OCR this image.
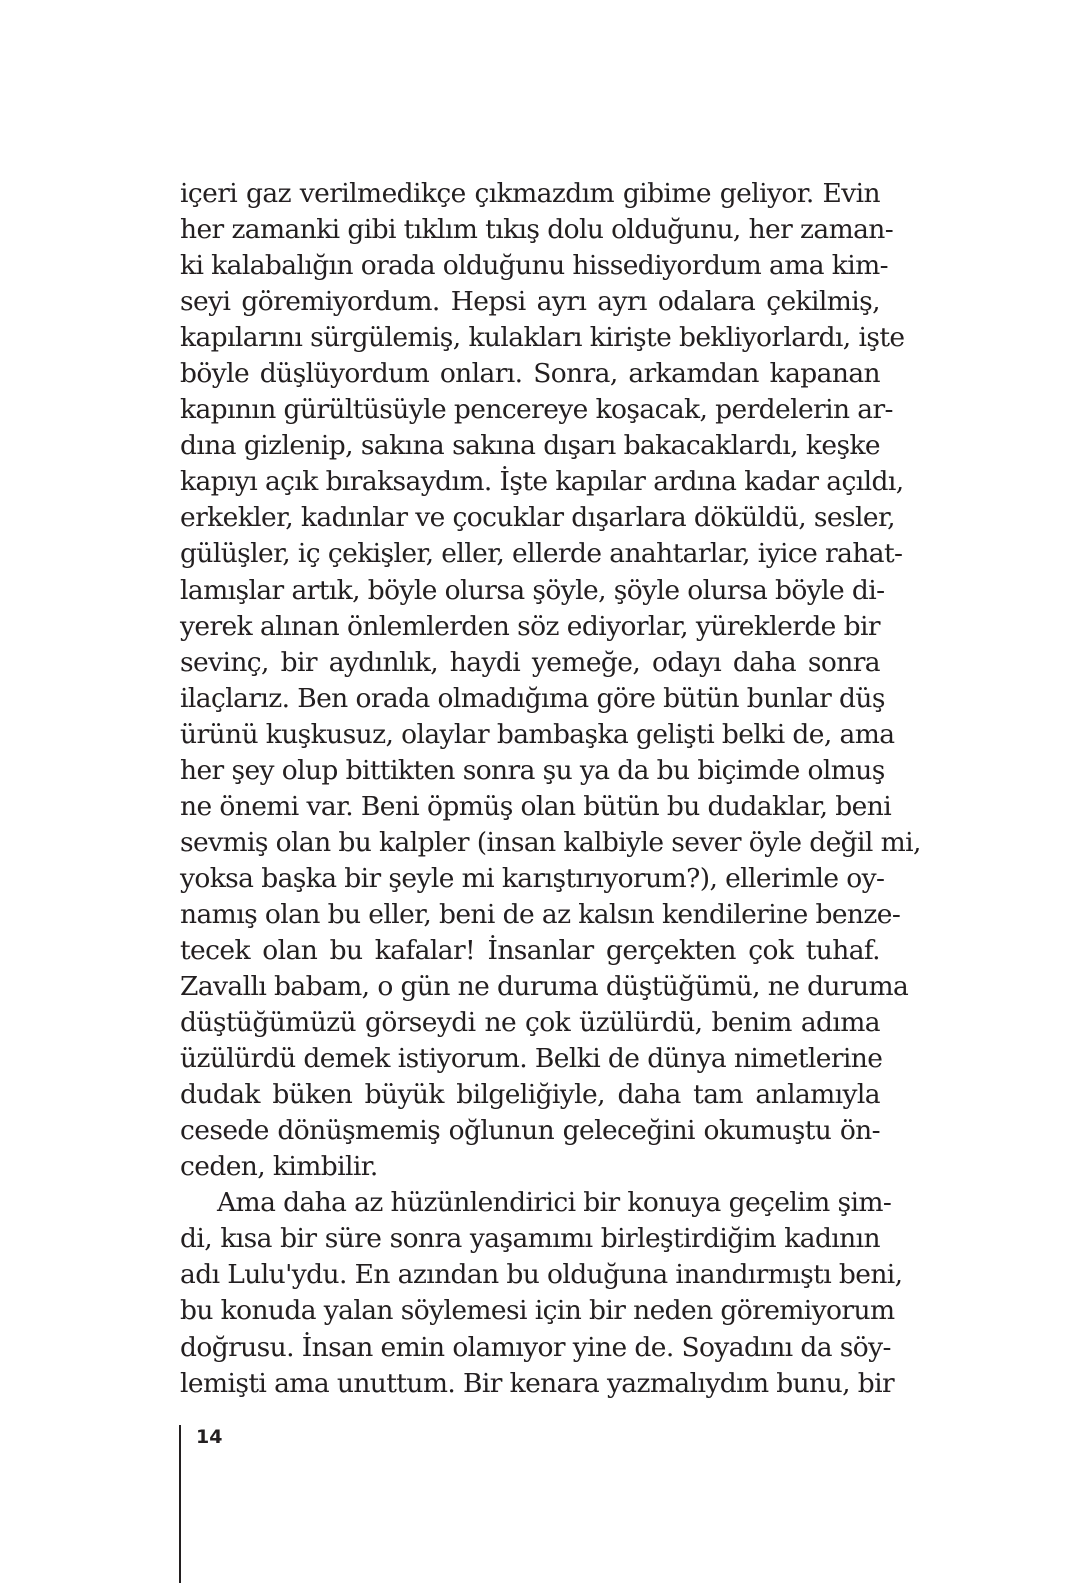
içeri gaz verilmedikçe çıkmazdım gibime geliyor. Evin
her zamanki gibi tıklım tıkış dolu olduğunu, her zaman-
ki kalabalığın orada olduğunu hissediyordum ama kim-
seyi göremiyordum. Hepsi ayrı ayrı odalara çekilmiş,
kapılarını sürgülemiş, kulakları kirişte bekliyorlardı, işte
böyle düşlüyordum onları. Sonra, arkamdan kapanan
kapının gürültüsüyle pencereye koşacak, perdelerin ar-
dına gizlenip, sakına sakına dışarı bakacaklardı, keşke
kapıyı açık bıraksaydım. İşte kapılar ardına kadar açıldı,
erkekler, kadınlar ve çocuklar dışarlara döküldü, sesler,
gülüşler, iç çekişler, eller, ellerde anahtarlar, iyice rahat-
lamışlar artık, böyle olursa şöyle, şöyle olursa böyle di-
yerek alınan önlemlerden söz ediyorlar, yüreklerde bir
sevinç, bir aydınlık, haydi yemeğe, odayı daha sonra
ilaçlarız. Ben orada olmadığıma göre bütün bunlar düş
ürünü kuşkusuz, olaylar bambaşka gelişti belki de, ama
her şey olup bittikten sonra şu ya da bu biçimde olmuş
ne önemi var. Beni öpmüş olan bütün bu dudaklar, beni
sevmiş olan bu kalpler (insan kalbiyle sever öyle değil mi,
yoksa başka bir şeyle mi karıştırıyorum?), ellerimle oy-
namış olan bu eller, beni de az kalsın kendilerine benze-
tecek olan bu kafalar! İnsanlar gerçekten çok tuhaf.
Zavallı babam, o gün ne duruma düştüğümü, ne duruma
düştüğümüzü görseydi ne çok üzülürdü, benim adıma
üzülürdü demek istiyorum. Belki de dünya nimetlerine
dudak büken büyük bilgeliğiyle, daha tam anlamıyla
cesede dönüşmemiş oğlunun geleceğini okumuştu ön-
ceden, kimbilir.
Ama daha az hüzünlendirici bir konuya geçelim şim-
di, kısa bir süre sonra yaşamımı birleştirdiğim kadının
adı Lulu'ydu. En azından bu olduğuna inandırmıştı beni,
bu konuda yalan söylemesi için bir neden göremiyorum
doğrusu. İnsan emin olamıyor yine de. Soyadını da söy-
lemişti ama unuttum. Bir kenara yazmalıydım bunu, bir
14
